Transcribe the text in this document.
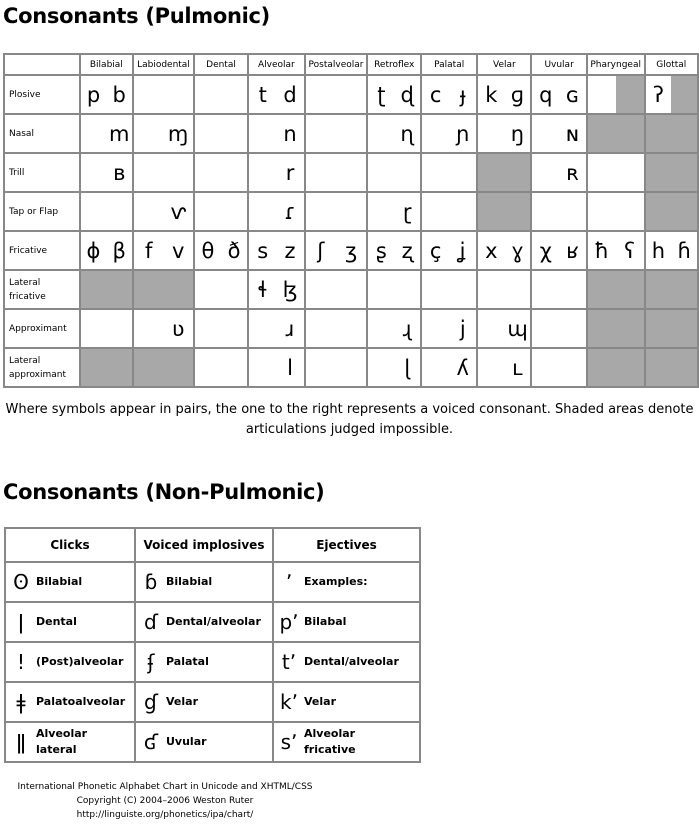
Consonants (Pulmonic)
	Bilabial	Labiodental	Dental	Alveolar	Postalveolar	Retroflex	Palatal	Velar	Uvular	Pharyngeal	Glottal
Plosive	p b			t d		ʈ ɖ	c ɟ	k ɡ	q ɢ		ʔ

Nasal	m	ɱ		n		ɳ	ɲ	ŋ	ɴ		

Trill	ʙ			r					ʀ		

Tap or Flap		ⱱ		ɾ		ɽ					

Fricative	ɸ β	f v	θ ð	s z	ʃ ʒ	ʂ ʐ	ç ʝ	x ɣ	χ ʁ	ħ ʕ	h ɦ

Lateral fricative				ɬ ɮ							

Approximant		ʋ		ɹ		ɻ	j	ɰ			

Lateral approximant				l		ɭ	ʎ	ʟ			

Where symbols appear in pairs, the one to the right represents a voiced consonant. Shaded areas denote articulations judged impossible.

Consonants (Non-Pulmonic)
Clicks	Voiced implosives	Ejectives
ʘ Bilabial	ɓ Bilabial	ʼ Examples:
ǀ Dental	ɗ Dental/alveolar	pʼ Bilabal
ǃ (Post)alveolar	ʄ Palatal	tʼ Dental/alveolar
ǂ Palatoalveolar	ɠ Velar	kʼ Velar
ǁ Alveolar lateral	ʛ Uvular	sʼ Alveolar fricative
International Phonetic Alphabet Chart in Unicode and XHTML/CSS
Copyright (C) 2004–2006 Weston Ruter
http://linguiste.org/phonetics/ipa/chart/
